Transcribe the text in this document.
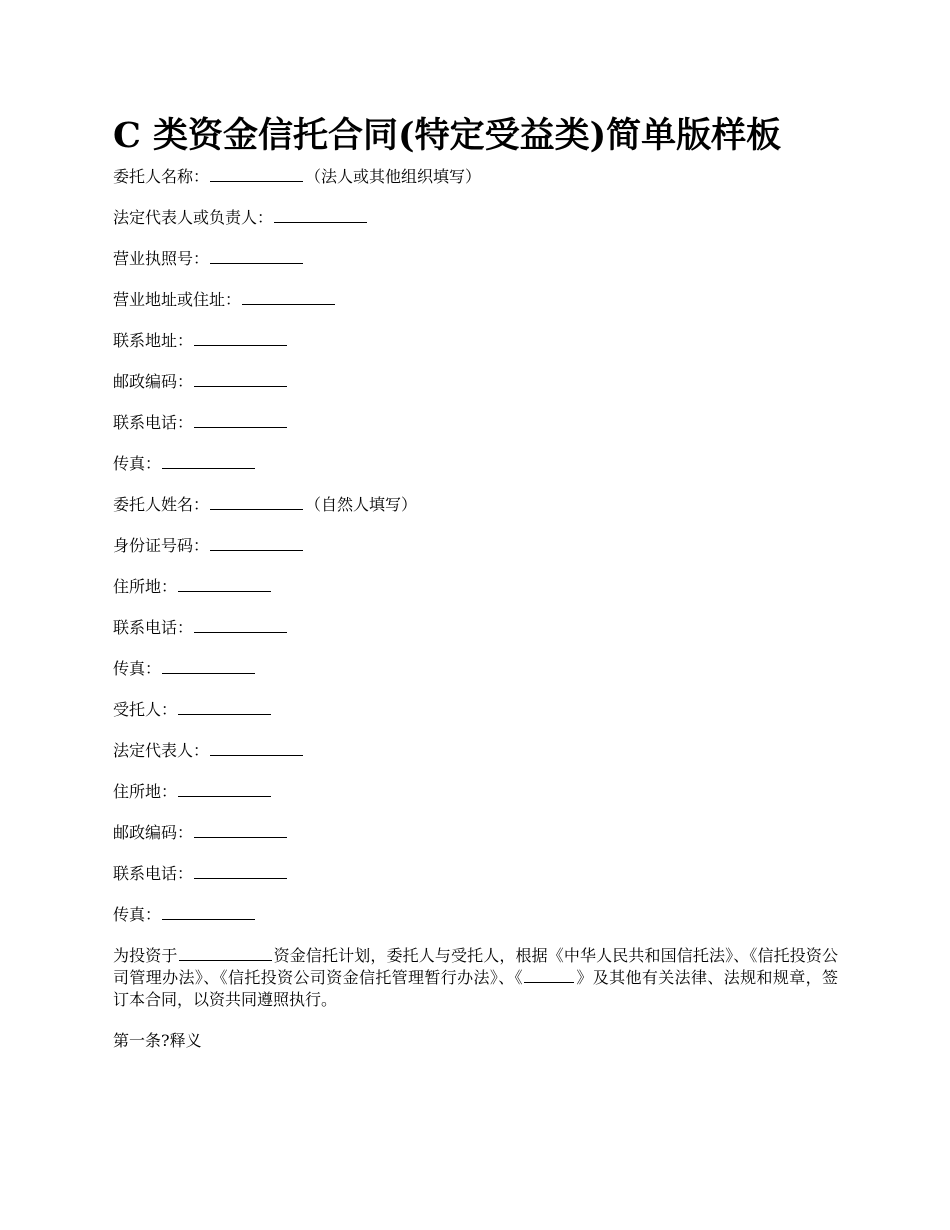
C 类资金信托合同(特定受益类)简单版样板
委托人名称：	（法人或其他组织填写）
法定代表人或负责人：
营业执照号：
营业地址或住址：
联系地址：
邮政编码：
联系电话：
传真：
委托人姓名：	（自然人填写）
身份证号码：
住所地：
联系电话：
传真：
受托人：
法定代表人：
住所地：
邮政编码：
联系电话：
传真：

为投资于	资金信托计划，委托人与受托人，根据《中华人民共和国信托法》、《信托投资公司管理办法》、《信托投资公司资金信托管理暂行办法》、《	》及其他有关法律、法规和规章，签订本合同，以资共同遵照执行。

第一条?释义
